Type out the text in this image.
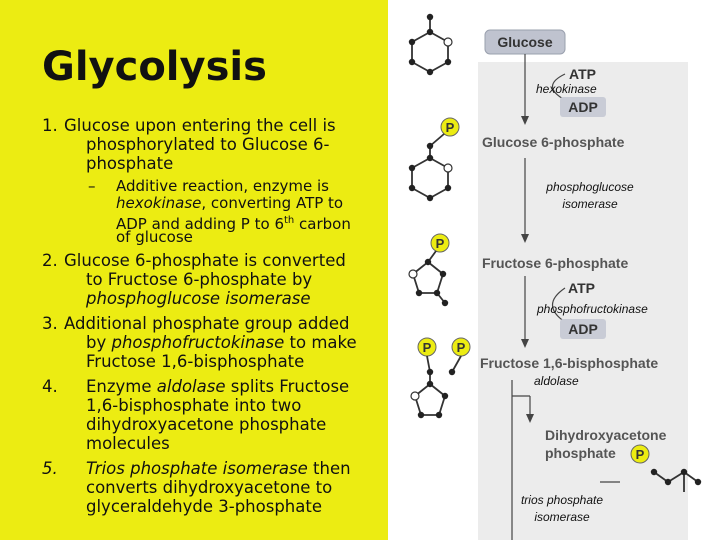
Glycolysis
1. Glucose upon entering the cell is
phosphorylated to Glucose 6-
phosphate
– Additive reaction, enzyme is
hexokinase, converting ATP to
ADP and adding P to 6th carbon
of glucose
2. Glucose 6-phosphate is converted
to Fructose 6-phosphate by
phosphoglucose isomerase
3. Additional phosphate group added
by phosphofructokinase to make
Fructose 1,6-bisphosphate
4. Enzyme aldolase splits Fructose
1,6-bisphosphate into two
dihydroxyacetone phosphate
molecules
5. Trios phosphate isomerase then
converts dihydroxyacetone to
glyceraldehyde 3-phosphate
Glucose
ATP
hexokinase
ADP
Glucose 6-phosphate
phosphoglucose
isomerase
Fructose 6-phosphate
ATP
phosphofructokinase
ADP
Fructose 1,6-bisphosphate
aldolase
Dihydroxyacetone
phosphate P
trios phosphate
isomerase
P
P
P P
